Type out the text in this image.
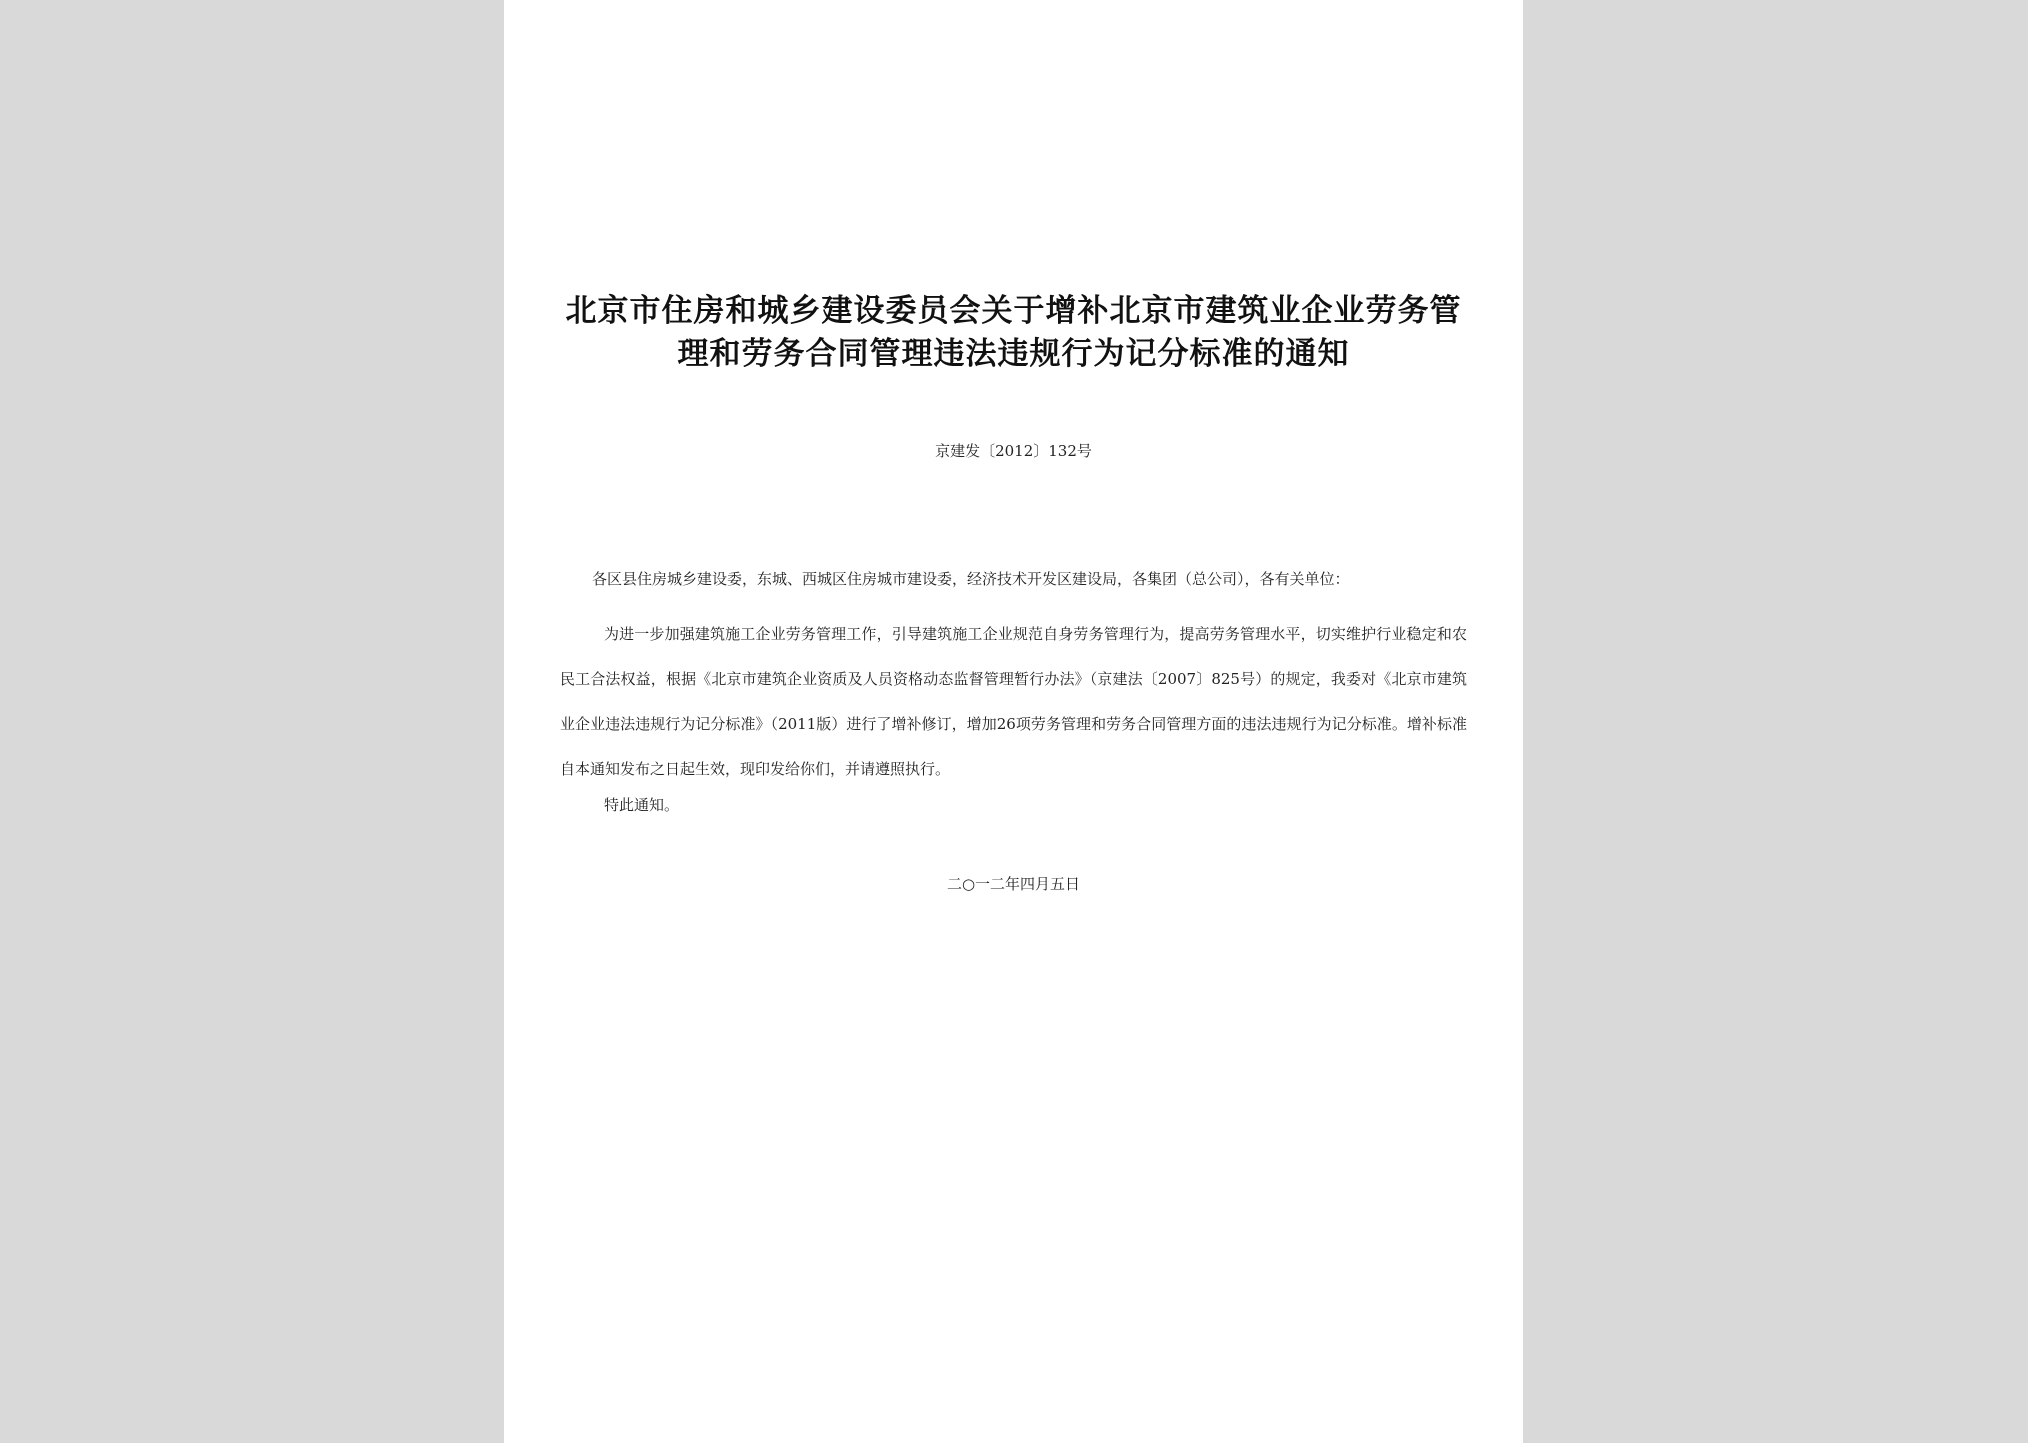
北京市住房和城乡建设委员会关于增补北京市建筑业企业劳务管理和劳务合同管理违法违规行为记分标准的通知
京建发〔2012〕132号
各区县住房城乡建设委，东城、西城区住房城市建设委，经济技术开发区建设局，各集团（总公司），各有关单位：
为进一步加强建筑施工企业劳务管理工作，引导建筑施工企业规范自身劳务管理行为，提高劳务管理水平，切实维护行业稳定和农民工合法权益，根据《北京市建筑企业资质及人员资格动态监督管理暂行办法》（京建法〔2007〕825号）的规定，我委对《北京市建筑业企业违法违规行为记分标准》（2011版）进行了增补修订，增加26项劳务管理和劳务合同管理方面的违法违规行为记分标准。增补标准自本通知发布之日起生效，现印发给你们，并请遵照执行。
特此通知。
二○一二年四月五日
